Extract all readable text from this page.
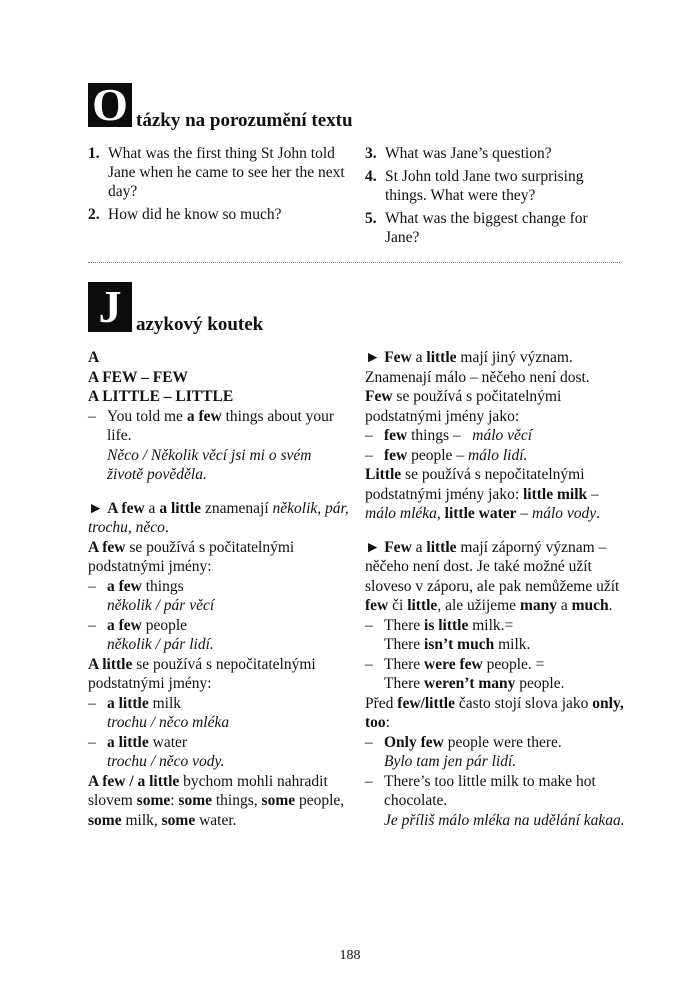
O tázky na porozumění textu
1. What was the first thing St John told Jane when he came to see her the next day?
2. How did he know so much?
3. What was Jane’s question?
4. St John told Jane two surprising things. What were they?
5. What was the biggest change for Jane?
J azykový koutek

A

A FEW – FEW

A LITTLE – LITTLE

– You told me a few things about your life.
Něco / Několik věcí jsi mi o svém životě pověděla.

► A few a a little znamenají několik, pár, trochu, něco.

A few se používá s počitatelnými podstatnými jmény:

– a few things
několik / pár věcí

– a few people
několik / pár lidí.

A little se používá s nepočitatelnými podstatnými jmény:

– a little milk
trochu / něco mléka

– a little water
trochu / něco vody.

A few / a little bychom mohli nahradit slovem some: some things, some people, some milk, some water.

► Few a little mají jiný význam. Znamenají málo – něčeho není dost.

Few se používá s počitatelnými podstatnými jmény jako:

– few things –   málo věcí

– few people – málo lidí.

Little se používá s nepočitatelnými podstatnými jmény jako: little milk – málo mléka, little water – málo vody.

► Few a little mají záporný význam – něčeho není dost. Je také možné užít sloveso v záporu, ale pak nemůžeme užít few či little, ale užijeme many a much.

– There is little milk.=
There isn’t much milk.

– There were few people. =
There weren’t many people.

Před few/little často stojí slova jako only, too:

– Only few people were there.
Bylo tam jen pár lidí.

– There’s too little milk to make hot chocolate.
Je příliš málo mléka na udělání kakaa.

188
